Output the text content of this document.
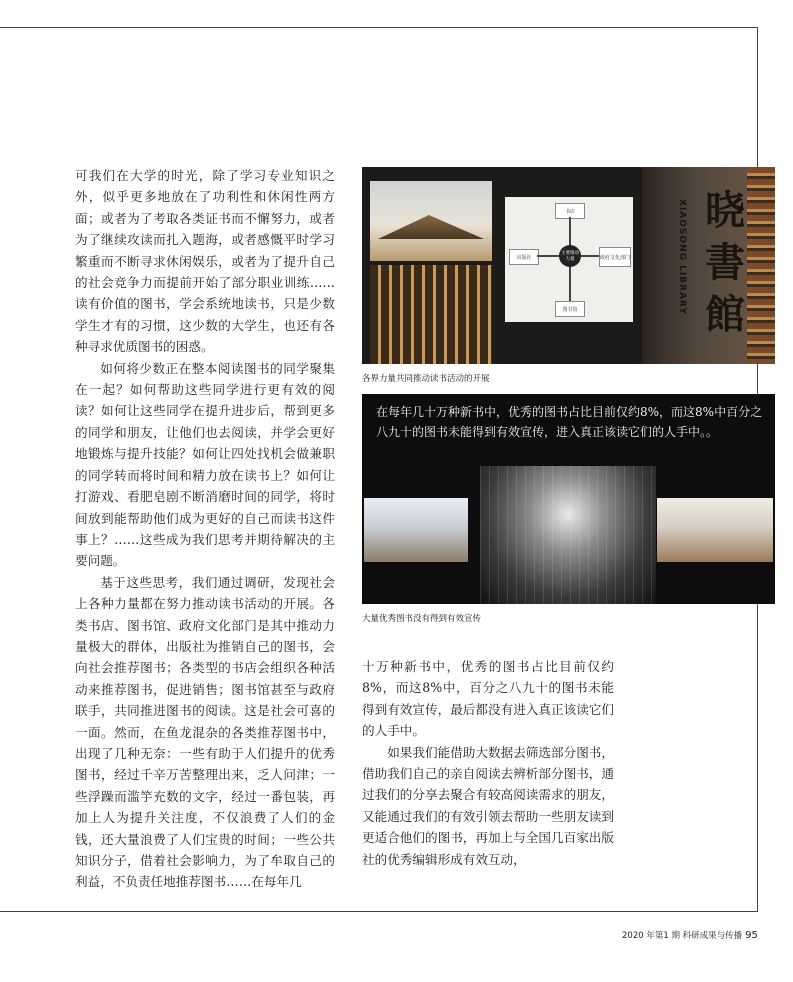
可我们在大学的时光，除了学习专业知识之外，似乎更多地放在了功利性和休闲性两方面；或者为了考取各类证书而不懈努力，或者为了继续攻读而扎入题海，或者感慨平时学习繁重而不断寻求休闲娱乐，或者为了提升自己的社会竞争力而提前开始了部分职业训练……读有价值的图书，学会系统地读书，只是少数学生才有的习惯，这少数的大学生，也还有各种寻求优质图书的困惑。

如何将少数正在整本阅读图书的同学聚集在一起？如何帮助这些同学进行更有效的阅读？如何让这些同学在提升进步后，帮到更多的同学和朋友，让他们也去阅读，并学会更好地锻炼与提升技能？如何让四处找机会做兼职的同学转而将时间和精力放在读书上？如何让打游戏、看肥皂剧不断消磨时间的同学，将时间放到能帮助他们成为更好的自己而读书这件事上？……这些成为我们思考并期待解决的主要问题。

基于这些思考，我们通过调研，发现社会上各种力量都在努力推动读书活动的开展。各类书店、图书馆、政府文化部门是其中推动力量极大的群体，出版社为推销自己的图书，会向社会推荐图书；各类型的书店会组织各种活动来推荐图书，促进销售；图书馆甚至与政府联手，共同推进图书的阅读。这是社会可喜的一面。然而，在鱼龙混杂的各类推荐图书中，出现了几种无奈：一些有助于人们提升的优秀图书，经过千辛万苦整理出来，乏人问津；一些浮躁而滥竽充数的文字，经过一番包装，再加上人为提升关注度，不仅浪费了人们的金钱，还大量浪费了人们宝贵的时间；一些公共知识分子，借着社会影响力，为了牟取自己的利益，不负责任地推荐图书……在每年几

书店
出版社	政府文化部门
图书馆
主要推动力量	XIAOSONG LIBRARY 晓
書
館
各界力量共同推动读书活动的开展
在每年几十万种新书中，优秀的图书占比目前仅约8%，而这8%中百分之八九十的图书未能得到有效宣传，进入真正该读它们的人手中。。
大量优秀图书没有得到有效宣传

十万种新书中，优秀的图书占比目前仅约8%，而这8%中，百分之八九十的图书未能得到有效宣传，最后都没有进入真正该读它们的人手中。

如果我们能借助大数据去筛选部分图书，借助我们自己的亲自阅读去辨析部分图书，通过我们的分享去聚合有较高阅读需求的朋友，又能通过我们的有效引领去帮助一些朋友读到更适合他们的图书，再加上与全国几百家出版社的优秀编辑形成有效互动，

2020 年第1 期 科研成果与传播 95
